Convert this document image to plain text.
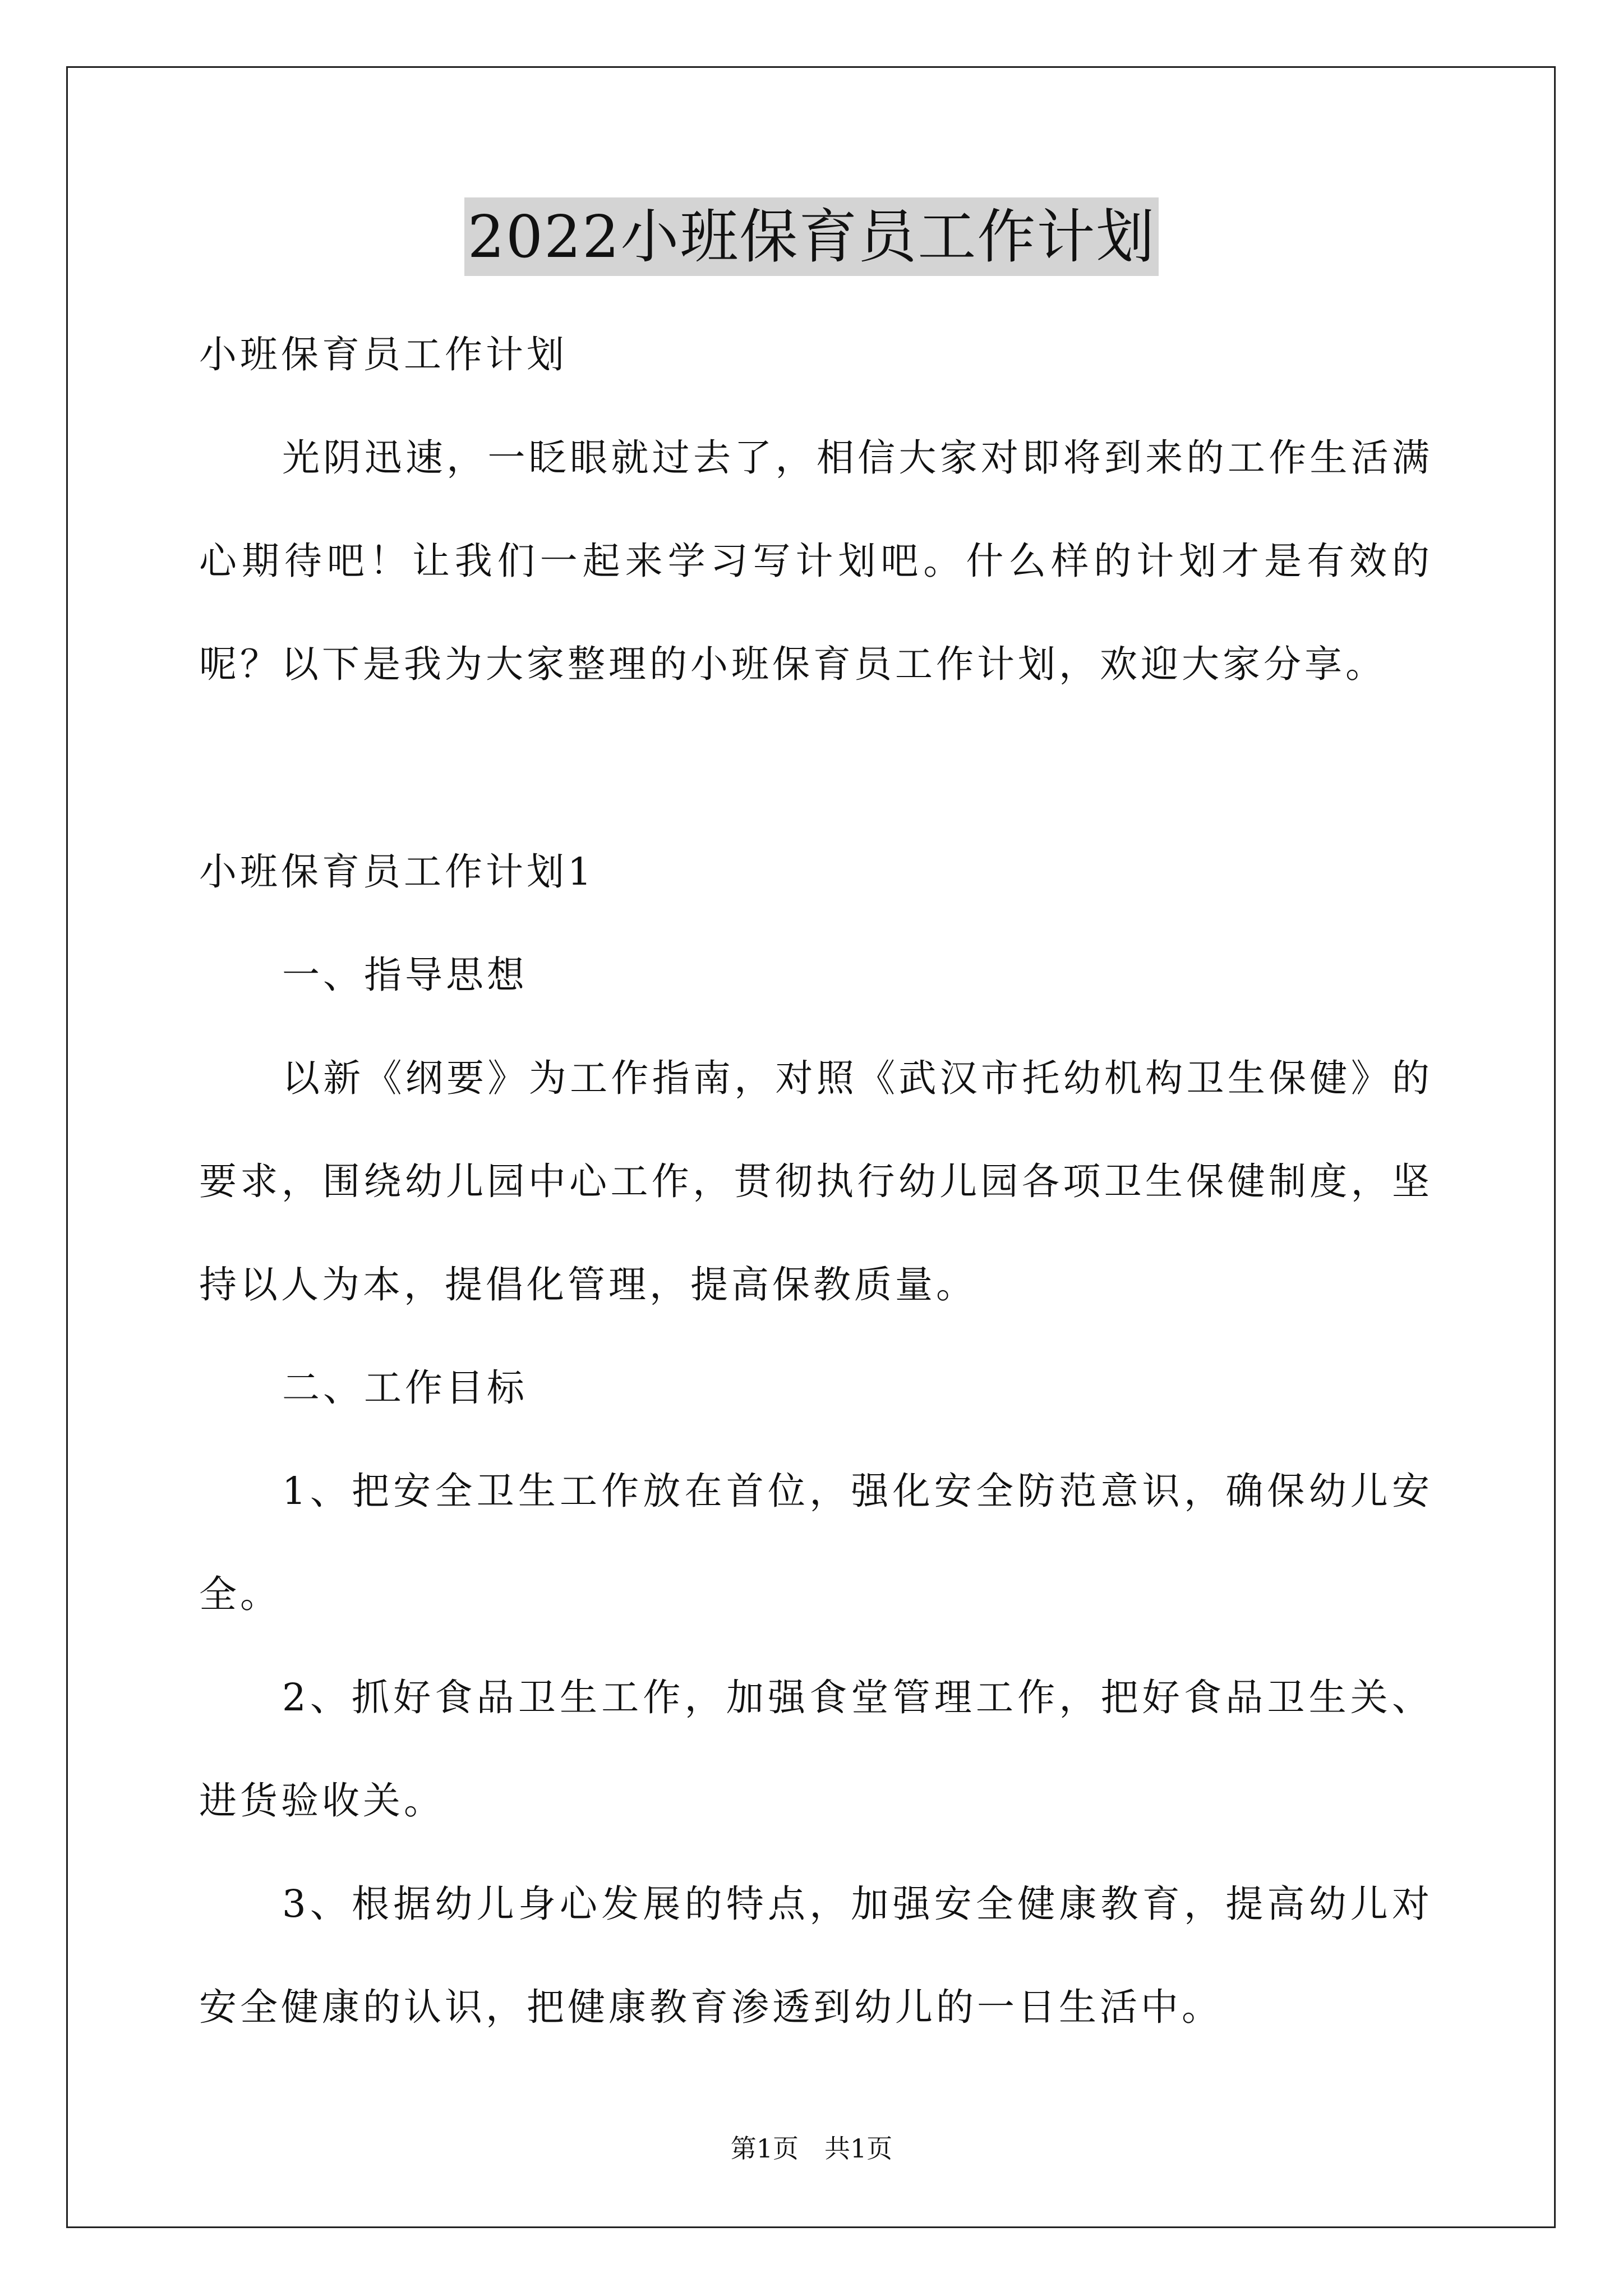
2022小班保育员工作计划

小班保育员工作计划

光阴迅速，一眨眼就过去了，相信大家对即将到来的工作生活满心期待吧！让我们一起来学习写计划吧。什么样的计划才是有效的呢？以下是我为大家整理的小班保育员工作计划，欢迎大家分享。

小班保育员工作计划1

一、指导思想

以新《纲要》为工作指南，对照《武汉市托幼机构卫生保健》的要求，围绕幼儿园中心工作，贯彻执行幼儿园各项卫生保健制度，坚持以人为本，提倡化管理，提高保教质量。

二、工作目标

1、把安全卫生工作放在首位，强化安全防范意识，确保幼儿安全。

2、抓好食品卫生工作，加强食堂管理工作，把好食品卫生关、进货验收关。

3、根据幼儿身心发展的特点，加强安全健康教育，提高幼儿对安全健康的认识，把健康教育渗透到幼儿的一日生活中。

第1页　共1页
